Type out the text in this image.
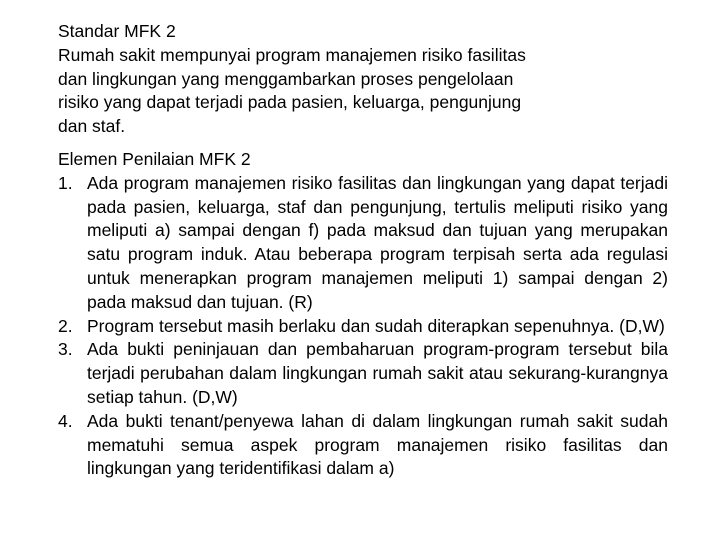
Standar MFK 2
Rumah sakit mempunyai program manajemen risiko fasilitas
dan lingkungan yang menggambarkan proses pengelolaan
risiko yang dapat terjadi pada pasien, keluarga, pengunjung
dan staf.
Elemen Penilaian MFK 2
1. Ada program manajemen risiko fasilitas dan lingkungan yang dapat terjadi pada pasien, keluarga, staf dan pengunjung, tertulis meliputi risiko yang meliputi a) sampai dengan f) pada maksud dan tujuan yang merupakan satu program induk. Atau beberapa program terpisah serta ada regulasi untuk menerapkan program manajemen meliputi 1) sampai dengan 2) pada maksud dan tujuan. (R)
2. Program tersebut masih berlaku dan sudah diterapkan sepenuhnya. (D,W)
3. Ada bukti peninjauan dan pembaharuan program-program tersebut bila terjadi perubahan dalam lingkungan rumah sakit atau sekurang-kurangnya setiap tahun. (D,W)
4. Ada bukti tenant/penyewa lahan di dalam lingkungan rumah sakit sudah mematuhi semua aspek program manajemen risiko fasilitas dan lingkungan yang teridentifikasi dalam a)
